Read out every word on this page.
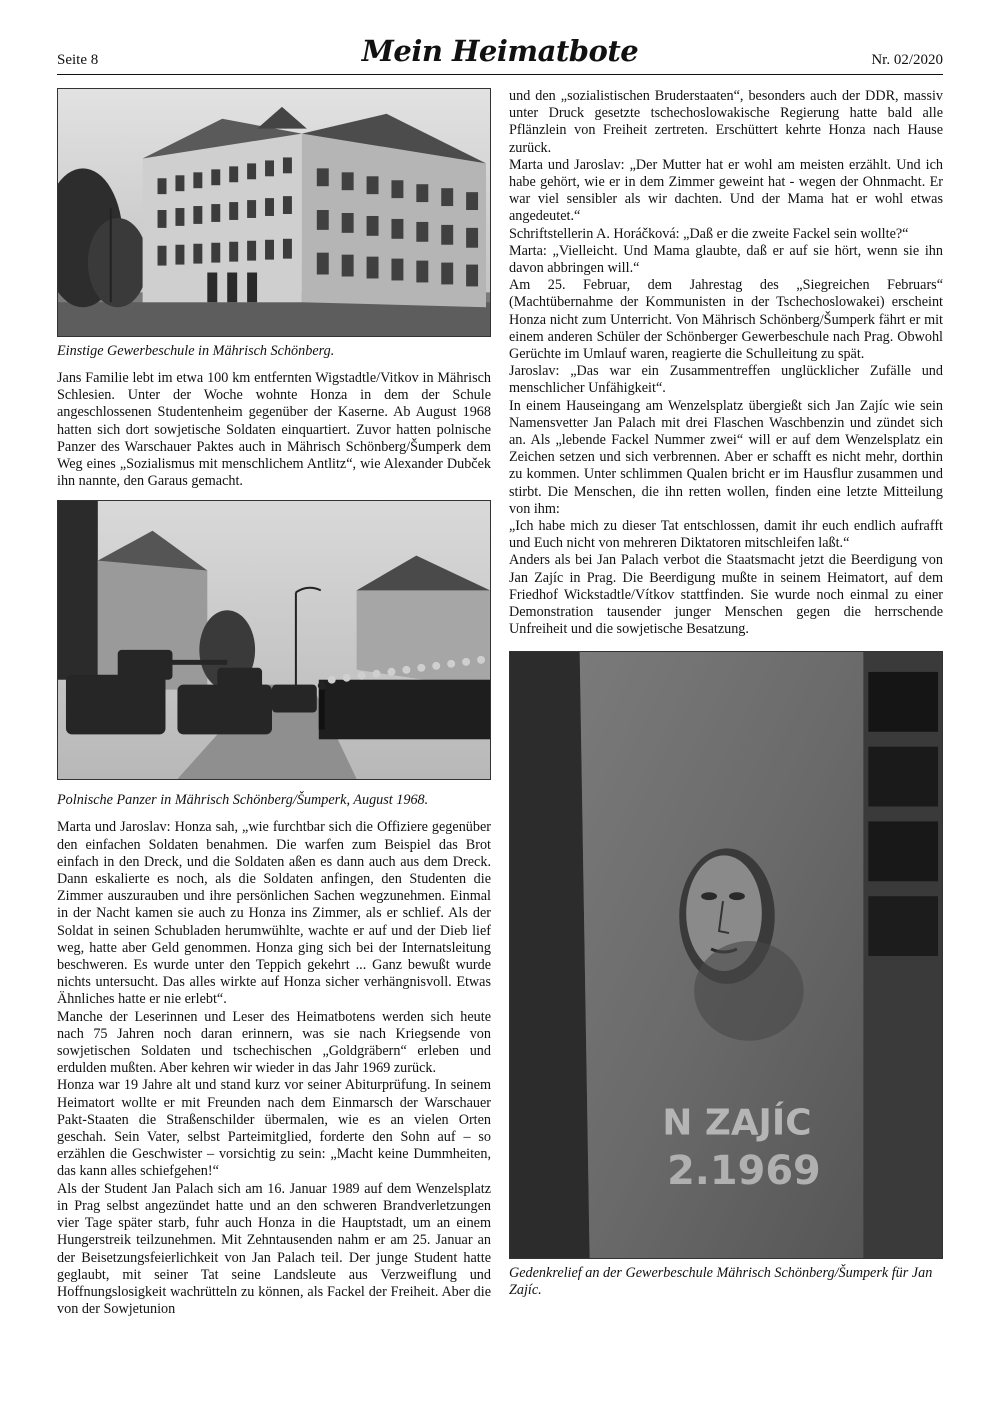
Seite 8	Mein Heimatbote	Nr. 02/2020
Einstige Gewerbeschule in Mährisch Schönberg.

Jans Familie lebt im etwa 100 km entfernten Wigstadtle/Vitkov in Mährisch Schlesien. Unter der Woche wohnte Honza in dem der Schule angeschlossenen Studentenheim gegenüber der Kaserne. Ab August 1968 hatten sich dort sowjetische Soldaten einquartiert. Zuvor hatten polnische Panzer des Warschauer Paktes auch in Mährisch Schönberg/Šumperk dem Weg eines „Sozialismus mit menschlichem Antlitz“, wie Alexander Dubček ihn nannte, den Garaus gemacht.

Polnische Panzer in Mährisch Schönberg/Šumperk, August 1968.

Marta und Jaroslav: Honza sah, „wie furchtbar sich die Offiziere gegenüber den einfachen Soldaten benahmen. Die warfen zum Beispiel das Brot einfach in den Dreck, und die Soldaten aßen es dann auch aus dem Dreck. Dann eskalierte es noch, als die Soldaten anfingen, den Studenten die Zimmer auszurauben und ihre persönlichen Sachen wegzunehmen. Einmal in der Nacht kamen sie auch zu Honza ins Zimmer, als er schlief. Als der Soldat in seinen Schubladen herumwühlte, wachte er auf und der Dieb lief weg, hatte aber Geld genommen. Honza ging sich bei der Internatsleitung beschweren. Es wurde unter den Teppich gekehrt ... Ganz bewußt wurde nichts untersucht. Das alles wirkte auf Honza sicher verhängnisvoll. Etwas Ähnliches hatte er nie erlebt“.

Manche der Leserinnen und Leser des Heimatbotens werden sich heute nach 75 Jahren noch daran erinnern, was sie nach Kriegsende von sowjetischen Soldaten und tschechischen „Goldgräbern“ erleben und erdulden mußten. Aber kehren wir wieder in das Jahr 1969 zurück.

Honza war 19 Jahre alt und stand kurz vor seiner Abiturprüfung. In seinem Heimatort wollte er mit Freunden nach dem Einmarsch der Warschauer Pakt-Staaten die Straßenschilder übermalen, wie es an vielen Orten geschah. Sein Vater, selbst Parteimitglied, forderte den Sohn auf – so erzählen die Geschwister – vorsichtig zu sein: „Macht keine Dummheiten, das kann alles schiefgehen!“

Als der Student Jan Palach sich am 16. Januar 1989 auf dem Wenzelsplatz in Prag selbst angezündet hatte und an den schweren Brandverletzungen vier Tage später starb, fuhr auch Honza in die Hauptstadt, um an einem Hungerstreik teilzunehmen. Mit Zehntausenden nahm er am 25. Januar an der Beisetzungsfeierlichkeit von Jan Palach teil. Der junge Student hatte geglaubt, mit seiner Tat seine Landsleute aus Verzweiflung und Hoffnungslosigkeit wachrütteln zu können, als Fackel der Freiheit. Aber die von der Sowjetunion

und den „sozialistischen Bruderstaaten“, besonders auch der DDR, massiv unter Druck gesetzte tschechoslowakische Regierung hatte bald alle Pflänzlein von Freiheit zertreten. Erschüttert kehrte Honza nach Hause zurück.

Marta und Jaroslav: „Der Mutter hat er wohl am meisten erzählt. Und ich habe gehört, wie er in dem Zimmer geweint hat - wegen der Ohnmacht. Er war viel sensibler als wir dachten. Und der Mama hat er wohl etwas angedeutet.“

Schriftstellerin A. Horáčková: „Daß er die zweite Fackel sein wollte?“

Marta: „Vielleicht. Und Mama glaubte, daß er auf sie hört, wenn sie ihn davon abbringen will.“

Am 25. Februar, dem Jahrestag des „Siegreichen Februars“ (Machtübernahme der Kommunisten in der Tschechoslowakei) erscheint Honza nicht zum Unterricht. Von Mährisch Schönberg/Šumperk fährt er mit einem anderen Schüler der Schönberger Gewerbeschule nach Prag. Obwohl Gerüchte im Umlauf waren, reagierte die Schulleitung zu spät.

Jaroslav: „Das war ein Zusammentreffen unglücklicher Zufälle und menschlicher Unfähigkeit“.

In einem Hauseingang am Wenzelsplatz übergießt sich Jan Zajíc wie sein Namensvetter Jan Palach mit drei Flaschen Waschbenzin und zündet sich an. Als „lebende Fackel Nummer zwei“ will er auf dem Wenzelsplatz ein Zeichen setzen und sich verbrennen. Aber er schafft es nicht mehr, dorthin zu kommen. Unter schlimmen Qualen bricht er im Hausflur zusammen und stirbt. Die Menschen, die ihn retten wollen, finden eine letzte Mitteilung von ihm:

„Ich habe mich zu dieser Tat entschlossen, damit ihr euch endlich aufrafft und Euch nicht von mehreren Diktatoren mitschleifen laßt.“

Anders als bei Jan Palach verbot die Staatsmacht jetzt die Beerdigung von Jan Zajíc in Prag. Die Beerdigung mußte in seinem Heimatort, auf dem Friedhof Wickstadtle/Vítkov stattfinden. Sie wurde noch einmal zu einer Demonstration tausender junger Menschen gegen die herrschende Unfreiheit und die sowjetische Besatzung.

N ZAJÍC
2.1969
Gedenkrelief an der Gewerbeschule Mährisch Schönberg/Šumperk für Jan Zajíc.
